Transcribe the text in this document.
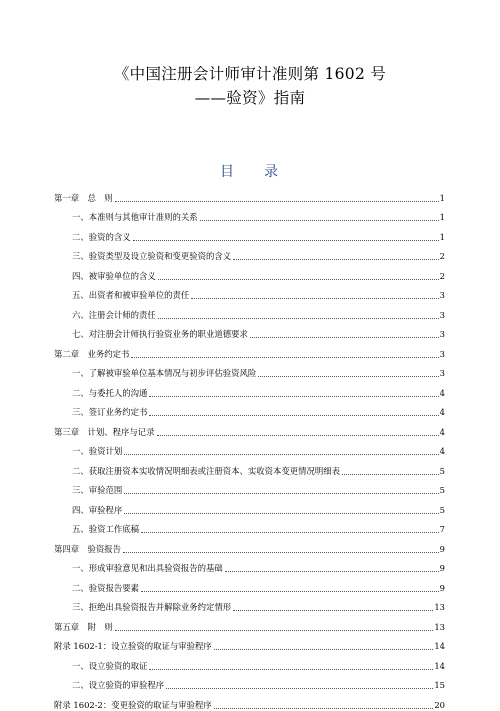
《中国注册会计师审计准则第 1602 号
——验资》指南
目 录
第一章　总　则	1
一、本准则与其他审计准则的关系	1
二、验资的含义	1
三、验资类型及设立验资和变更验资的含义	2
四、被审验单位的含义	2
五、出资者和被审验单位的责任	3
六、注册会计师的责任	3
七、对注册会计师执行验资业务的职业道德要求	3
第二章　业务约定书	3
一、了解被审验单位基本情况与初步评估验资风险	3
二、与委托人的沟通	4
三、签订业务约定书	4
第三章　计划、程序与记录	4
一、验资计划	4
二、获取注册资本实收情况明细表或注册资本、实收资本变更情况明细表	5
三、审验范围	5
四、审验程序	5
五、验资工作底稿	7
第四章　验资报告	9
一、形成审验意见和出具验资报告的基础	9
二、验资报告要素	9
三、拒绝出具验资报告并解除业务约定情形	13
第五章　附　则	13
附录 1602-1：设立验资的取证与审验程序	14
一、设立验资的取证	14
二、设立验资的审验程序	15
附录 1602-2：变更验资的取证与审验程序	20
